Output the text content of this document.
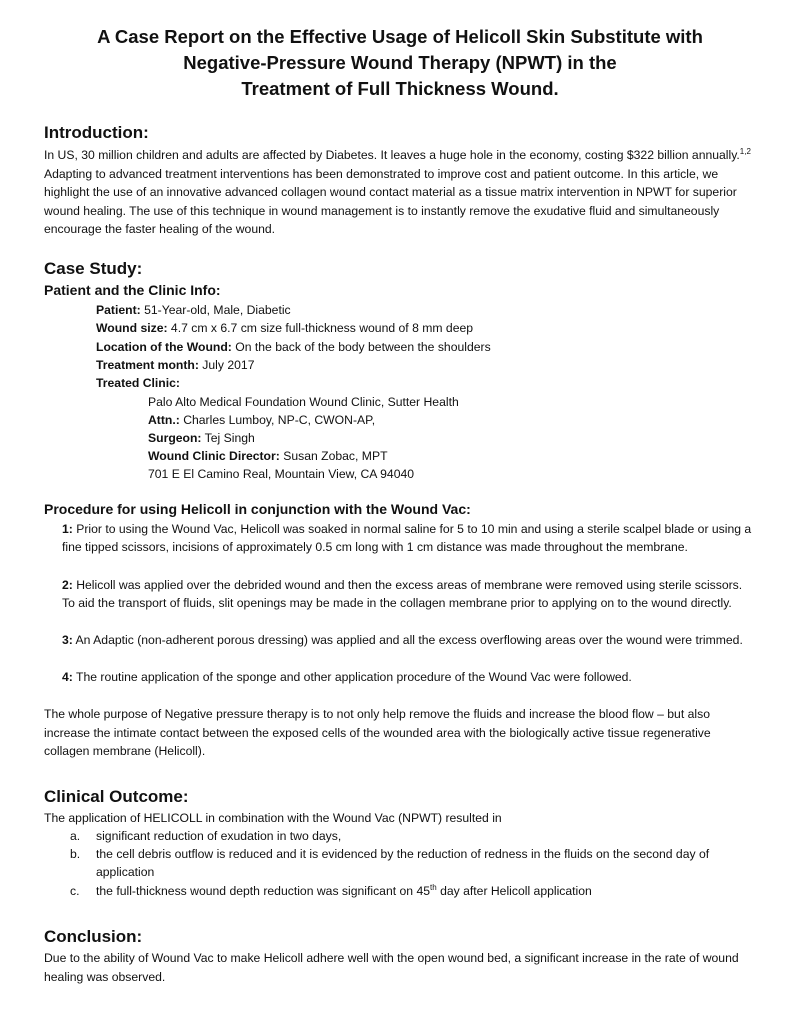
A Case Report on the Effective Usage of Helicoll Skin Substitute with
Negative-Pressure Wound Therapy (NPWT) in the
Treatment of Full Thickness Wound.
Introduction:
In US, 30 million children and adults are affected by Diabetes. It leaves a huge hole in the economy, costing $322 billion annually.$^{1,2}$ Adapting to advanced treatment interventions has been demonstrated to improve cost and patient outcome. In this article, we highlight the use of an innovative advanced collagen wound contact material as a tissue matrix intervention in NPWT for superior wound healing. The use of this technique in wound management is to instantly remove the exudative fluid and simultaneously encourage the faster healing of the wound.
Case Study:
Patient and the Clinic Info:
Patient: 51-Year-old, Male, Diabetic
Wound size: 4.7 cm x 6.7 cm size full-thickness wound of 8 mm deep
Location of the Wound: On the back of the body between the shoulders
Treatment month: July 2017
Treated Clinic:
Palo Alto Medical Foundation Wound Clinic, Sutter Health
Attn.: Charles Lumboy, NP-C, CWON-AP,
Surgeon: Tej Singh
Wound Clinic Director: Susan Zobac, MPT
701 E El Camino Real, Mountain View, CA 94040
Procedure for using Helicoll in conjunction with the Wound Vac:
1: Prior to using the Wound Vac, Helicoll was soaked in normal saline for 5 to 10 min and using a sterile scalpel blade or using a fine tipped scissors, incisions of approximately 0.5 cm long with 1 cm distance was made throughout the membrane.
2: Helicoll was applied over the debrided wound and then the excess areas of membrane were removed using sterile scissors. To aid the transport of fluids, slit openings may be made in the collagen membrane prior to applying on to the wound directly.
3: An Adaptic (non-adherent porous dressing) was applied and all the excess overflowing areas over the wound were trimmed.
4: The routine application of the sponge and other application procedure of the Wound Vac were followed.
The whole purpose of Negative pressure therapy is to not only help remove the fluids and increase the blood flow – but also increase the intimate contact between the exposed cells of the wounded area with the biologically active tissue regenerative collagen membrane (Helicoll).
Clinical Outcome:
The application of HELICOLL in combination with the Wound Vac (NPWT) resulted in
a. significant reduction of exudation in two days,
b. the cell debris outflow is reduced and it is evidenced by the reduction of redness in the fluids on the second day of application
c. the full-thickness wound depth reduction was significant on 45th day after Helicoll application
Conclusion:
Due to the ability of Wound Vac to make Helicoll adhere well with the open wound bed, a significant increase in the rate of wound healing was observed.
